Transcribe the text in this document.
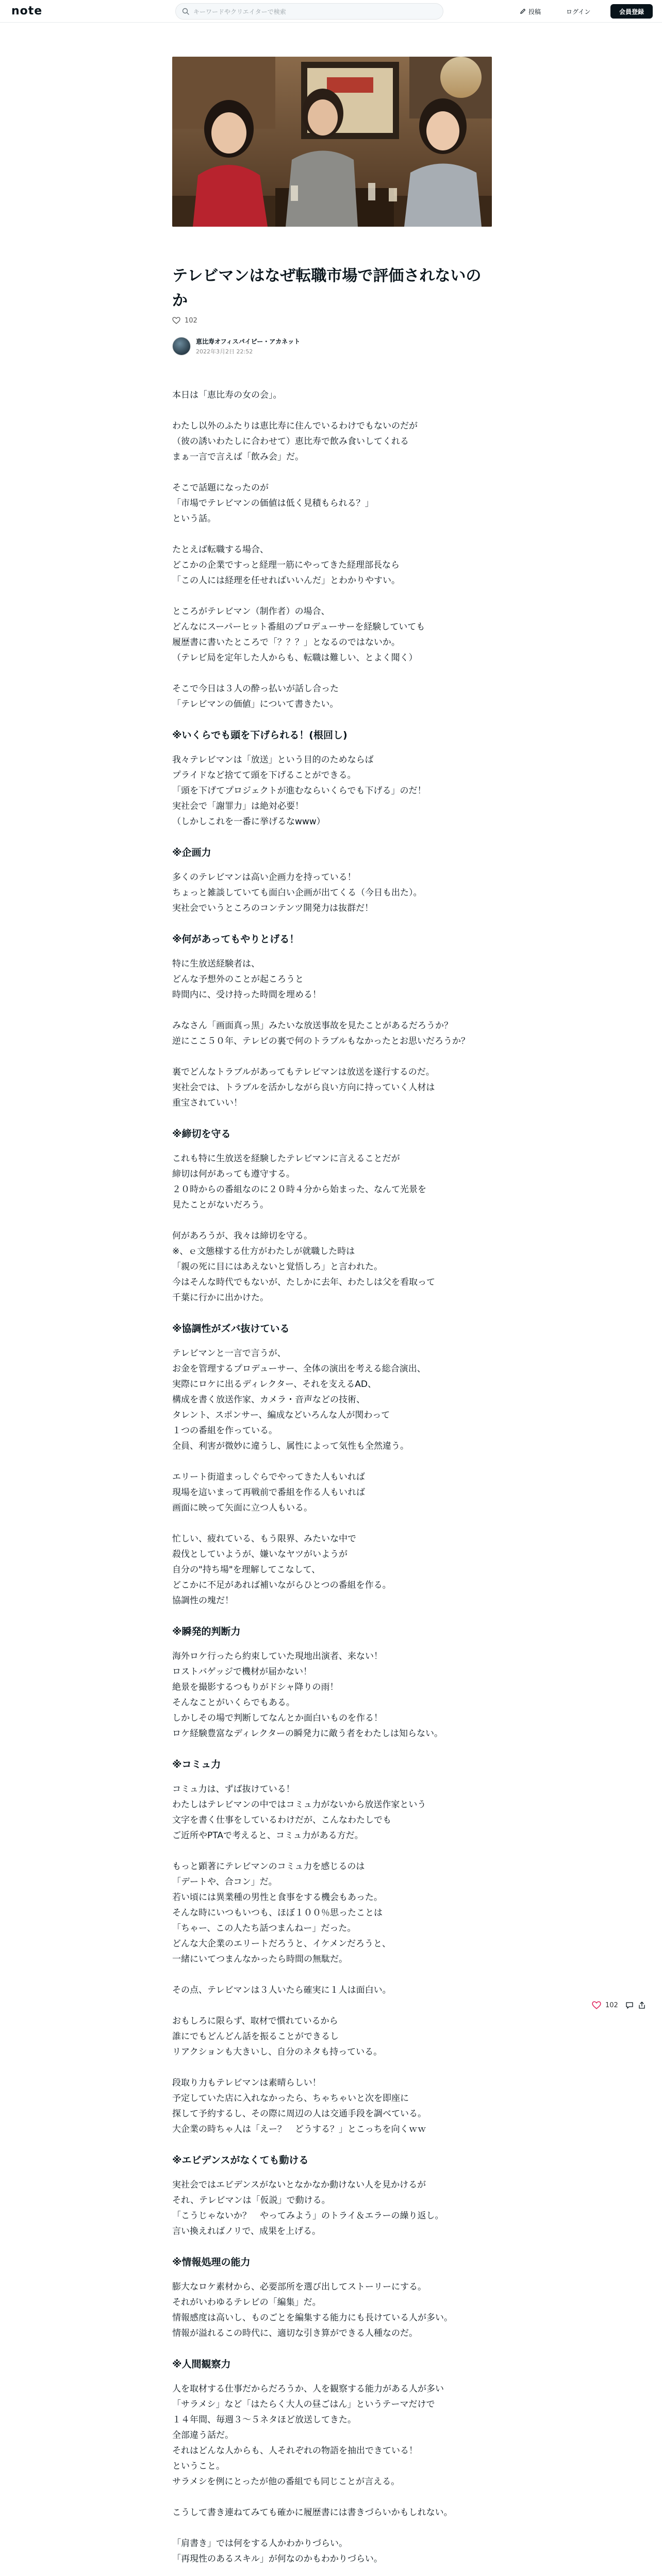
note
キーワードやクリエイターで検索	投稿	ログイン	会員登録
テレビマンはなぜ転職市場で評価されないのか
102
恵比寿オフィスパイピー・アカネット
2022年3月2日 22:52

本日は「恵比寿の女の会」。

わたし以外のふたりは恵比寿に住んでいるわけでもないのだが
（彼の誘いわたしに合わせて）恵比寿で飲み食いしてくれる
まぁ一言で言えば「飲み会」だ。

そこで話題になったのが
「市場でテレビマンの価値は低く見積もられる？」
という話。

たとえば転職する場合、
どこかの企業ですっと経理一筋にやってきた経理部長なら
「この人には経理を任せればいいんだ」とわかりやすい。

ところがテレビマン（制作者）の場合、
どんなにスーパーヒット番組のプロデューサーを経験していても
履歴書に書いたところで「？？？」となるのではないか。
（テレビ局を定年した人からも、転職は難しい、とよく聞く）

そこで今日は３人の酔っ払いが話し合った
「テレビマンの価値」について書きたい。

※いくらでも頭を下げられる！(根回し)

我々テレビマンは「放送」という目的のためならば
プライドなど捨てて頭を下げることができる。
「頭を下げてプロジェクトが進むならいくらでも下げる」のだ！
実社会で「謝罪力」は絶対必要！
（しかしこれを一番に挙げるなwww）

※企画力

多くのテレビマンは高い企画力を持っている！
ちょっと雑談していても面白い企画が出てくる（今日も出た）。
実社会でいうところのコンテンツ開発力は抜群だ！

※何があってもやりとげる！

特に生放送経験者は、
どんな予想外のことが起ころうと
時間内に、受け持った時間を埋める！

みなさん「画面真っ黒」みたいな放送事故を見たことがあるだろうか？
逆にここ５０年、テレビの裏で何のトラブルもなかったとお思いだろうか？

裏でどんなトラブルがあってもテレビマンは放送を遂行するのだ。
実社会では、トラブルを活かしながら良い方向に持っていく人材は
重宝されていい！

※締切を守る

これも特に生放送を経験したテレビマンに言えることだが
締切は何があっても遵守する。
２０時からの番組なのに２０時４分から始まった、なんて光景を
見たことがないだろう。

何があろうが、我々は締切を守る。
※、ｅ文態様する仕方がわたしが就職した時は
「親の死に目にはあえないと覚悟しろ」と言われた。
今はそんな時代でもないが、たしかに去年、わたしは父を看取って
千葉に行かに出かけた。

※協調性がズバ抜けている

テレビマンと一言で言うが、
お金を管理するプロデューサー、全体の演出を考える総合演出、
実際にロケに出るディレクター、それを支えるAD、
構成を書く放送作家、カメラ・音声などの技術、
タレント、スポンサー、編成などいろんな人が関わって
１つの番組を作っている。
全員、利害が微妙に違うし、属性によって気性も全然違う。

エリート街道まっしぐらでやってきた人もいれば
現場を這いまって再戦前で番組を作る人もいれば
画面に映って矢面に立つ人もいる。

忙しい、疲れている、もう限界、みたいな中で
殺伐としていようが、嫌いなヤツがいようが
自分の"持ち場"を理解してこなして、
どこかに不足があれば補いながらひとつの番組を作る。
協調性の塊だ！

※瞬発的判断力

海外ロケ行ったら約束していた現地出演者、来ない！
ロストバゲッジで機材が届かない！
絶景を撮影するつもりがドシャ降りの雨！
そんなことがいくらでもある。
しかしその場で判断してなんとか面白いものを作る！
ロケ経験豊富なディレクターの瞬発力に敵う者をわたしは知らない。

※コミュ力

コミュ力は、ずば抜けている！
わたしはテレビマンの中ではコミュ力がないから放送作家という
文字を書く仕事をしているわけだが、こんなわたしでも
ご近所やPTAで考えると、コミュ力がある方だ。

もっと顕著にテレビマンのコミュ力を感じるのは
「デートや、合コン」だ。
若い頃には異業種の男性と食事をする機会もあった。
そんな時にいつもいつも、ほぼ１００％思ったことは
「ちゃー、この人たち話つまんねー」だった。
どんな大企業のエリートだろうと、イケメンだろうと、
一緒にいてつまんなかったら時間の無駄だ。

その点、テレビマンは３人いたら確実に１人は面白い。

おもしろに限らず、取材で慣れているから
誰にでもどんどん話を振ることができるし
リアクションも大きいし、自分のネタも持っている。

段取り力もテレビマンは素晴らしい！
予定していた店に入れなかったら、ちゃちゃいと次を即座に
探して予約するし、その際に周辺の人は交通手段を調べている。
大企業の時ちゃ人は「えー？　どうする？」とこっちを向くｗｗ

※エビデンスがなくても動ける

実社会ではエビデンスがないとなかなか動けない人を見かけるが
それ、テレビマンは「仮説」で動ける。
「こうじゃないか？　やってみよう」のトライ＆エラーの繰り返し。
言い換えればノリで、成果を上げる。

※情報処理の能力

膨大なロケ素材から、必要部所を選び出してストーリーにする。
それがいわゆるテレビの「編集」だ。
情報感度は高いし、ものごとを編集する能力にも長けている人が多い。
情報が溢れるこの時代に、適切な引き算ができる人種なのだ。

※人間観察力

人を取材する仕事だからだろうか、人を観察する能力がある人が多い
「サラメシ」など「はたらく大人の昼ごはん」というテーマだけで
１４年間、毎週３〜５ネタほど放送してきた。
全部違う話だ。
それはどんな人からも、人それぞれの物語を抽出できている！
ということ。
サラメシを例にとったが他の番組でも同じことが言える。

こうして書き連ねてみても確かに履歴書には書きづらいかもしれない。

「肩書き」では何をする人かわかりづらい。
「再現性のあるスキル」が何なのかもわかりづらい。

102
